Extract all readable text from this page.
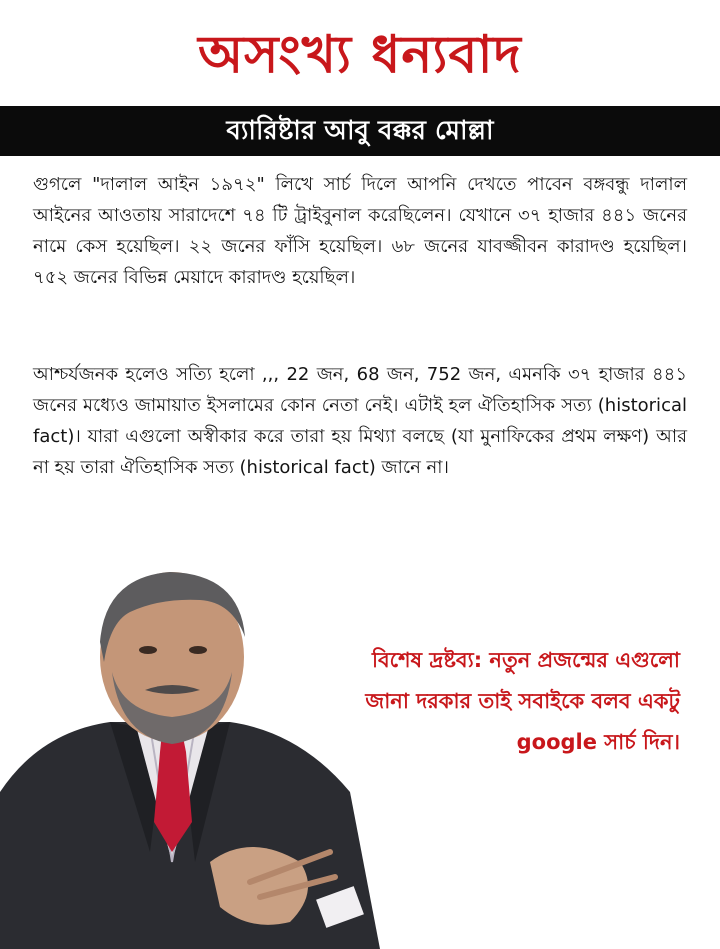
অসংখ্য ধন্যবাদ
ব্যারিষ্টার আবু বক্কর মোল্লা

গুগলে "দালাল আইন ১৯৭২" লিখে সার্চ দিলে আপনি দেখতে পাবেন বঙ্গবন্ধু দালাল আইনের আওতায় সারাদেশে ৭৪ টি ট্রাইবুনাল করেছিলেন। যেখানে ৩৭ হাজার ৪৪১ জনের নামে কেস হয়েছিল। ২২ জনের ফাঁসি হয়েছিল। ৬৮ জনের যাবজ্জীবন কারাদণ্ড হয়েছিল। ৭৫২ জনের বিভিন্ন মেয়াদে কারাদণ্ড হয়েছিল।

আশ্চর্যজনক হলেও সত্যি হলো ,,, 22 জন, 68 জন, 752 জন, এমনকি ৩৭ হাজার ৪৪১ জনের মধ্যেও জামায়াত ইসলামের কোন নেতা নেই। এটাই হল ঐতিহাসিক সত্য (historical fact)। যারা এগুলো অস্বীকার করে তারা হয় মিথ্যা বলছে (যা মুনাফিকের প্রথম লক্ষণ) আর না হয় তারা ঐতিহাসিক সত্য (historical fact) জানে না।

বিশেষ দ্রষ্টব্য: নতুন প্রজন্মের এগুলো জানা দরকার তাই সবাইকে বলব একটু google সার্চ দিন।
